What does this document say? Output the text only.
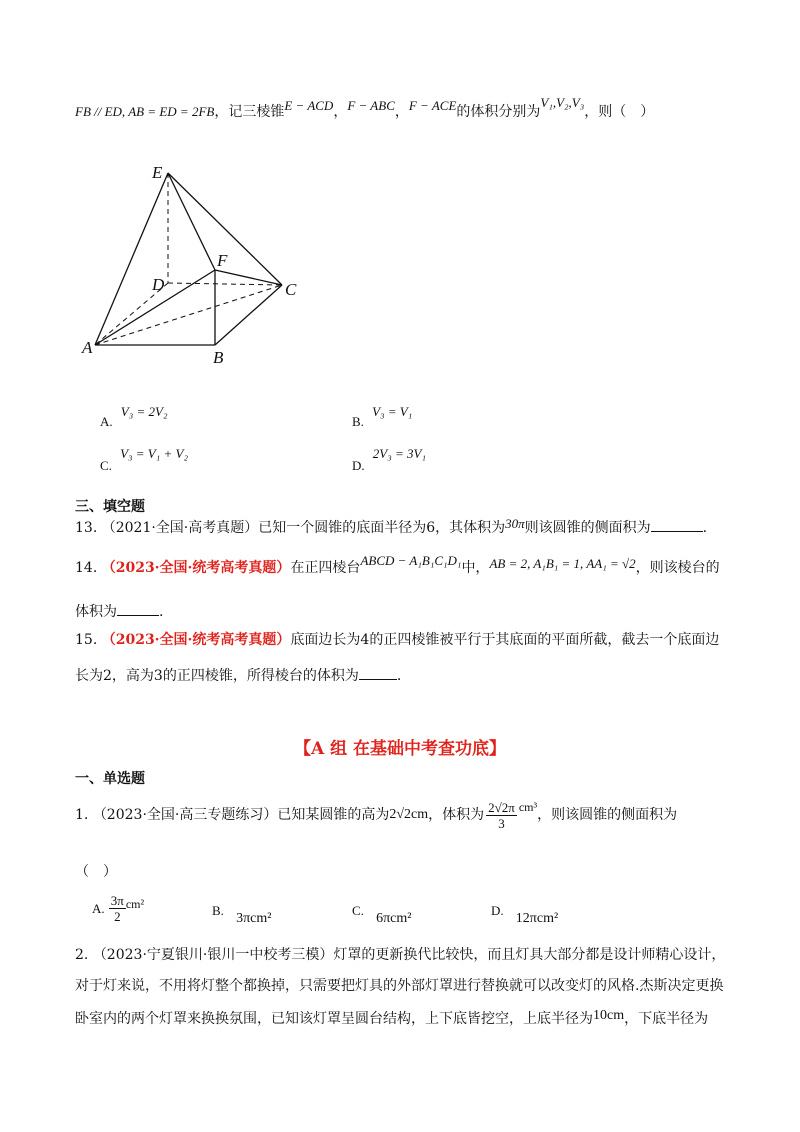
FB // ED, AB = ED = 2FB，记三棱锥E − ACD，F − ABC，F − ACE的体积分别为V₁,V₂,V₃，则（　）
E
F
D	C
A
B
A. V₃ = 2V₂
B. V₃ = V₁
C. V₃ = V₁ + V₂
D. 2V₃ = 3V₁
三、填空题
13. （2021·全国·高考真题）已知一个圆锥的底面半径为6，其体积为30π则该圆锥的侧面积为	.
14. （2023·全国·统考高考真题）在正四棱台ABCD − A₁B₁C₁D₁中，AB = 2, A₁B₁ = 1, AA₁ = √2，则该棱台的
体积为	.
15. （2023·全国·统考高考真题）底面边长为4的正四棱锥被平行于其底面的平面所截，截去一个底面边
长为2，高为3的正四棱锥，所得棱台的体积为	.
【A 组 在基础中考查功底】
一、单选题
1.
（2023·全国·高三专题练习） 已知某圆锥的高为 2√2cm ，体积为 $\frac{2√2\pi}{3} cm^3$ ，则该圆锥的侧面积为
（　）
A.
$\frac{3\pi}{2} cm^2$	B. 3πcm²
C. 6πcm²
D. 12πcm²
2. （2023·宁夏银川·银川一中校考三模）灯罩的更新换代比较快，而且灯具大部分都是设计师精心设计，
对于灯来说，不用将灯整个都换掉，只需要把灯具的外部灯罩进行替换就可以改变灯的风格.杰斯决定更换
卧室内的两个灯罩来换换氛围，已知该灯罩呈圆台结构，上下底皆挖空，上底半径为10cm，下底半径为
